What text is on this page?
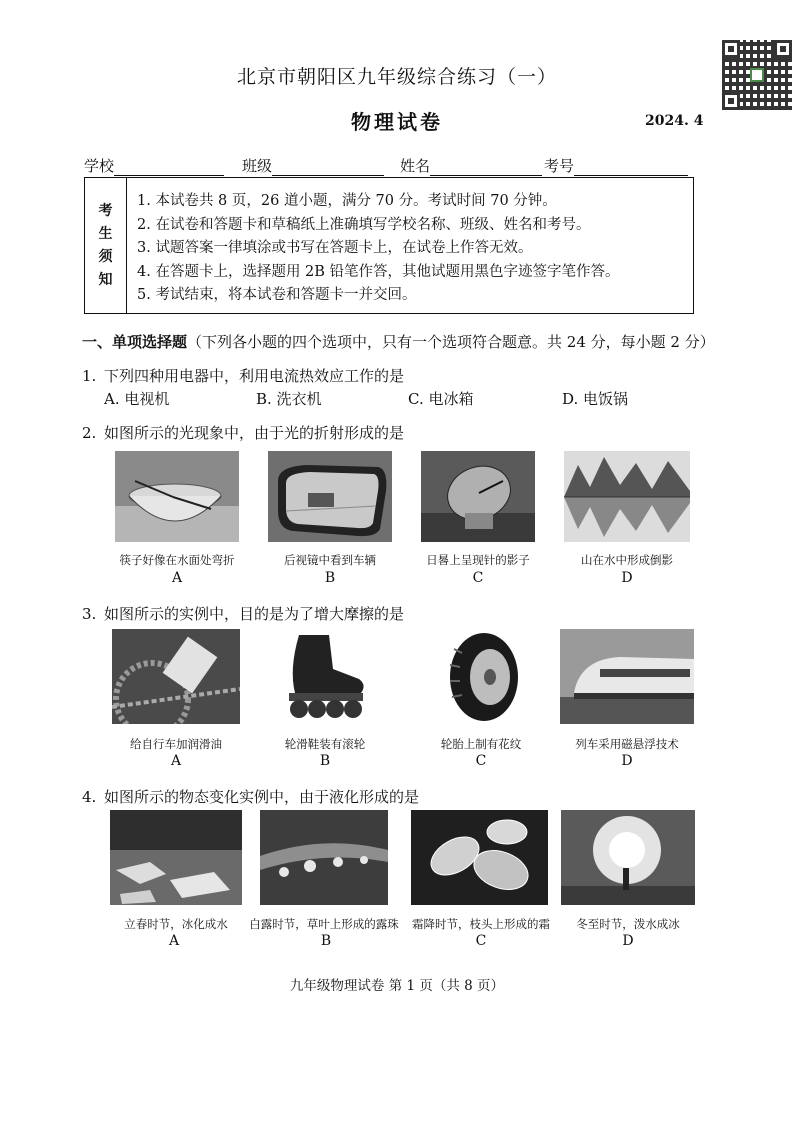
北京市朝阳区九年级综合练习（一）
物理试卷	2024. 4
学校	班级	姓名	考号
考
生
须
知
1. 本试卷共 8 页，26 道小题，满分 70 分。考试时间 70 分钟。
2. 在试卷和答题卡和草稿纸上准确填写学校名称、班级、姓名和考号。
3. 试题答案一律填涂或书写在答题卡上，在试卷上作答无效。
4. 在答题卡上，选择题用 2B 铅笔作答，其他试题用黑色字迹签字笔作答。
5. 考试结束，将本试卷和答题卡一并交回。
一、单项选择题（下列各小题的四个选项中，只有一个选项符合题意。共 24 分，每小题 2 分）
1. 下列四种用电器中，利用电流热效应工作的是
A. 电视机	B. 洗衣机	C. 电冰箱	D. 电饭锅
2. 如图所示的光现象中，由于光的折射形成的是
筷子好像在水面处弯折	后视镜中看到车辆	日晷上呈现针的影子	山在水中形成倒影
A	B	C	D
3. 如图所示的实例中，目的是为了增大摩擦的是
给自行车加润滑油	轮滑鞋装有滚轮	轮胎上制有花纹	列车采用磁悬浮技术
A	B	C	D
4. 如图所示的物态变化实例中，由于液化形成的是
立春时节，冰化成水	白露时节，草叶上形成的露珠	霜降时节，枝头上形成的霜	冬至时节，泼水成冰
A	B	C	D
九年级物理试卷 第 1 页（共 8 页）
